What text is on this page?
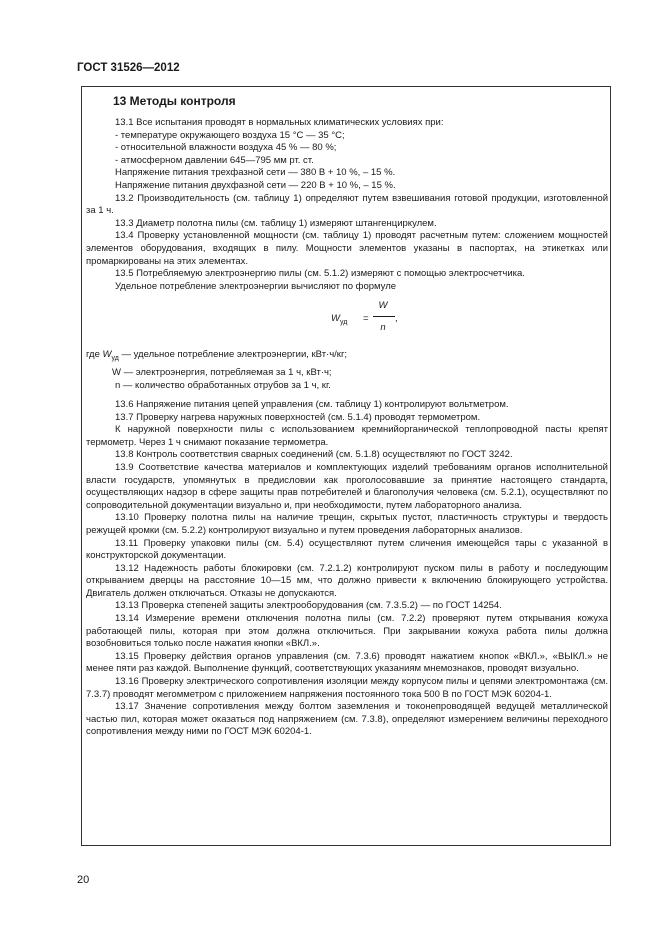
ГОСТ 31526—2012
13 Методы контроля

13.1 Все испытания проводят в нормальных климатических условиях при:

- температуре окружающего воздуха 15 °С — 35 °С;

- относительной влажности воздуха 45 % — 80 %;

- атмосферном давлении 645—795 мм рт. ст.

Напряжение питания трехфазной сети — 380 В + 10 %, – 15 %.

Напряжение питания двухфазной сети — 220 В + 10 %, – 15 %.

13.2 Производительность (см. таблицу 1) определяют путем взвешивания готовой продукции, изготовленной за 1 ч.

13.3 Диаметр полотна пилы (см. таблицу 1) измеряют штангенциркулем.

13.4 Проверку установленной мощности (см. таблицу 1) проводят расчетным путем: сложением мощностей элементов оборудования, входящих в пилу. Мощности элементов указаны в паспортах, на этикетках или промаркированы на этих элементах.

13.5 Потребляемую электроэнергию пилы (см. 5.1.2) измеряют с помощью электросчетчика.

Удельное потребление электроэнергии вычисляют по формуле

$W_{уд}$ =
W
n
,

где $W_{уд}$ — удельное потребление электроэнергии, кВт·ч/кг;

W — электроэнергия, потребляемая за 1 ч, кВт·ч;

n — количество обработанных отрубов за 1 ч, кг.

13.6 Напряжение питания цепей управления (см. таблицу 1) контролируют вольтметром.

13.7 Проверку нагрева наружных поверхностей (см. 5.1.4) проводят термометром.

К наружной поверхности пилы с использованием кремнийорганической теплопроводной пасты крепят термометр. Через 1 ч снимают показание термометра.

13.8 Контроль соответствия сварных соединений (см. 5.1.8) осуществляют по ГОСТ 3242.

13.9 Соответствие качества материалов и комплектующих изделий требованиям органов исполнительной власти государств, упомянутых в предисловии как проголосовавшие за принятие настоящего стандарта, осуществляющих надзор в сфере защиты прав потребителей и благополучия человека (см. 5.2.1), осуществляют по сопроводительной документации визуально и, при необходимости, путем лабораторного анализа.

13.10 Проверку полотна пилы на наличие трещин, скрытых пустот, пластичность структуры и твердость режущей кромки (см. 5.2.2) контролируют визуально и путем проведения лабораторных анализов.

13.11 Проверку упаковки пилы (см. 5.4) осуществляют путем сличения имеющейся тары с указанной в конструкторской документации.

13.12 Надежность работы блокировки (см. 7.2.1.2) контролируют пуском пилы в работу и последующим открыванием дверцы на расстояние 10—15 мм, что должно привести к включению блокирующего устройства. Двигатель должен отключаться. Отказы не допускаются.

13.13 Проверка степеней защиты электрооборудования (см. 7.3.5.2) — по ГОСТ 14254.

13.14 Измерение времени отключения полотна пилы (см. 7.2.2) проверяют путем открывания кожуха работающей пилы, которая при этом должна отключиться. При закрывании кожуха работа пилы должна возобновиться только после нажатия кнопки «ВКЛ.».

13.15 Проверку действия органов управления (см. 7.3.6) проводят нажатием кнопок «ВКЛ.», «ВЫКЛ.» не менее пяти раз каждой. Выполнение функций, соответствующих указаниям мнемознаков, проводят визуально.

13.16 Проверку электрического сопротивления изоляции между корпусом пилы и цепями электромонтажа (см. 7.3.7) проводят мегомметром с приложением напряжения постоянного тока 500 В по ГОСТ МЭК 60204-1.

13.17 Значение сопротивления между болтом заземления и токонепроводящей ведущей металлической частью пил, которая может оказаться под напряжением (см. 7.3.8), определяют измерением величины переходного сопротивления между ними по ГОСТ МЭК 60204-1.

20
